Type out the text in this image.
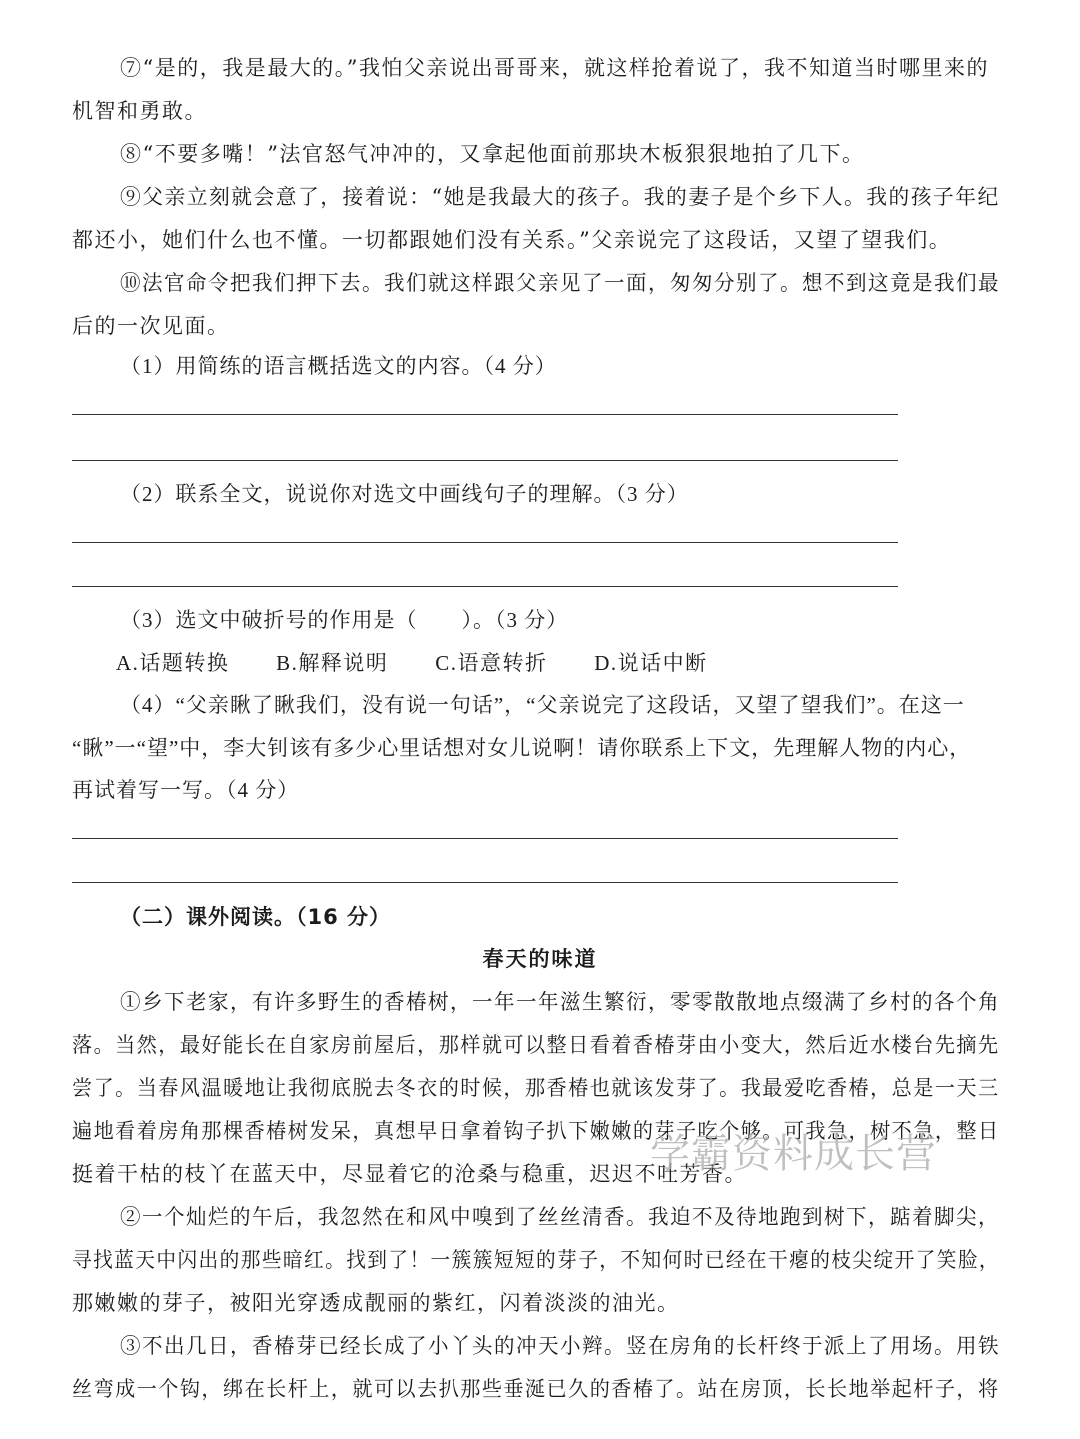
⑦“是的，我是最大的。”我怕父亲说出哥哥来，就这样抢着说了，我不知道当时哪里来的
机智和勇敢。
⑧“不要多嘴！”法官怒气冲冲的，又拿起他面前那块木板狠狠地拍了几下。
⑨父亲立刻就会意了，接着说：“她是我最大的孩子。我的妻子是个乡下人。我的孩子年纪
都还小，她们什么也不懂。一切都跟她们没有关系。”父亲说完了这段话，又望了望我们。
⑩法官命令把我们押下去。我们就这样跟父亲见了一面，匆匆分别了。想不到这竟是我们最
后的一次见面。
（1）用简练的语言概括选文的内容。（4 分）
（2）联系全文，说说你对选文中画线句子的理解。（3 分）
（3）选文中破折号的作用是（　　）。（3 分）
A.话题转换 B.解释说明 C.语意转折 D.说话中断
（4）“父亲瞅了瞅我们，没有说一句话”，“父亲说完了这段话，又望了望我们”。在这一
“瞅”一“望”中，李大钊该有多少心里话想对女儿说啊！请你联系上下文，先理解人物的内心，
再试着写一写。（4 分）
（二）课外阅读。（16 分）
春天的味道
①乡下老家，有许多野生的香椿树，一年一年滋生繁衍，零零散散地点缀满了乡村的各个角
落。当然，最好能长在自家房前屋后，那样就可以整日看着香椿芽由小变大，然后近水楼台先摘先
尝了。当春风温暖地让我彻底脱去冬衣的时候，那香椿也就该发芽了。我最爱吃香椿，总是一天三
遍地看着房角那棵香椿树发呆，真想早日拿着钩子扒下嫩嫩的芽子吃个够。可我急，树不急，整日
挺着干枯的枝丫在蓝天中，尽显着它的沧桑与稳重，迟迟不吐芳香。
②一个灿烂的午后，我忽然在和风中嗅到了丝丝清香。我迫不及待地跑到树下，踮着脚尖，
寻找蓝天中闪出的那些暗红。找到了！一簇簇短短的芽子，不知何时已经在干瘪的枝尖绽开了笑脸，
那嫩嫩的芽子，被阳光穿透成靓丽的紫红，闪着淡淡的油光。
③不出几日，香椿芽已经长成了小丫头的冲天小辫。竖在房角的长杆终于派上了用场。用铁
丝弯成一个钩，绑在长杆上，就可以去扒那些垂涎已久的香椿了。站在房顶，长长地举起杆子，将
学霸资料成长营
